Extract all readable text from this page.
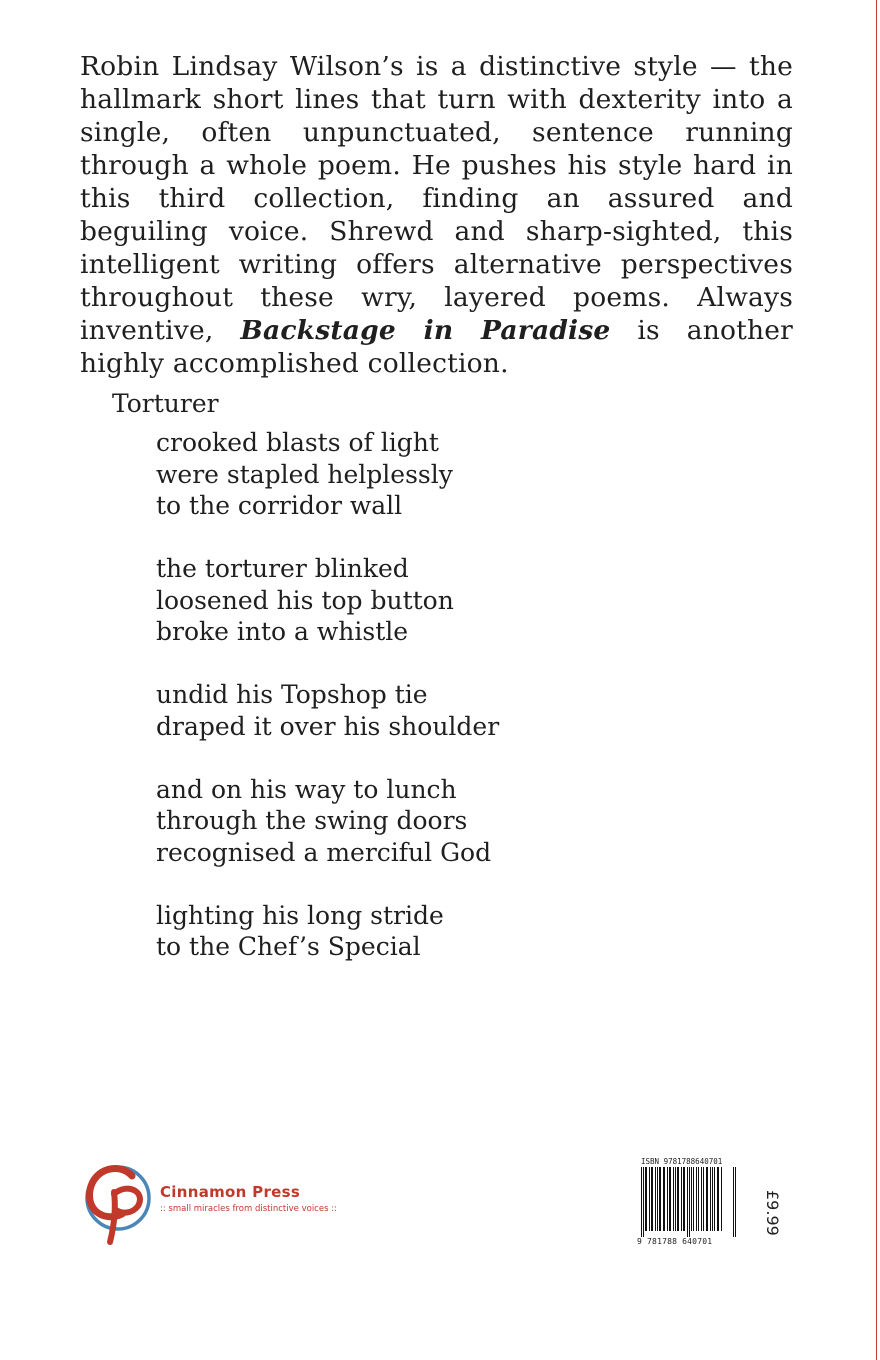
Robin Lindsay Wilson’s is a distinctive style — the hallmark short lines that turn with dexterity into a single, often unpunctuated, sentence running through a whole poem. He pushes his style hard in this third collection, finding an assured and beguiling voice. Shrewd and sharp-sighted, this intelligent writing offers alternative perspectives throughout these wry, layered poems. Always inventive, Backstage in Paradise is another highly accomplished collection.

Torturer

crooked blasts of light
were stapled helplessly
to the corridor wall

the torturer blinked
loosened his top button
broke into a whistle

undid his Topshop tie
draped it over his shoulder

and on his way to lunch
through the swing doors
recognised a merciful God

lighting his long stride
to the Chef’s Special

Cinnamon Press
:: small miracles from distinctive voices ::
ISBN 9781788640701
9 781788 640701
£9.99
